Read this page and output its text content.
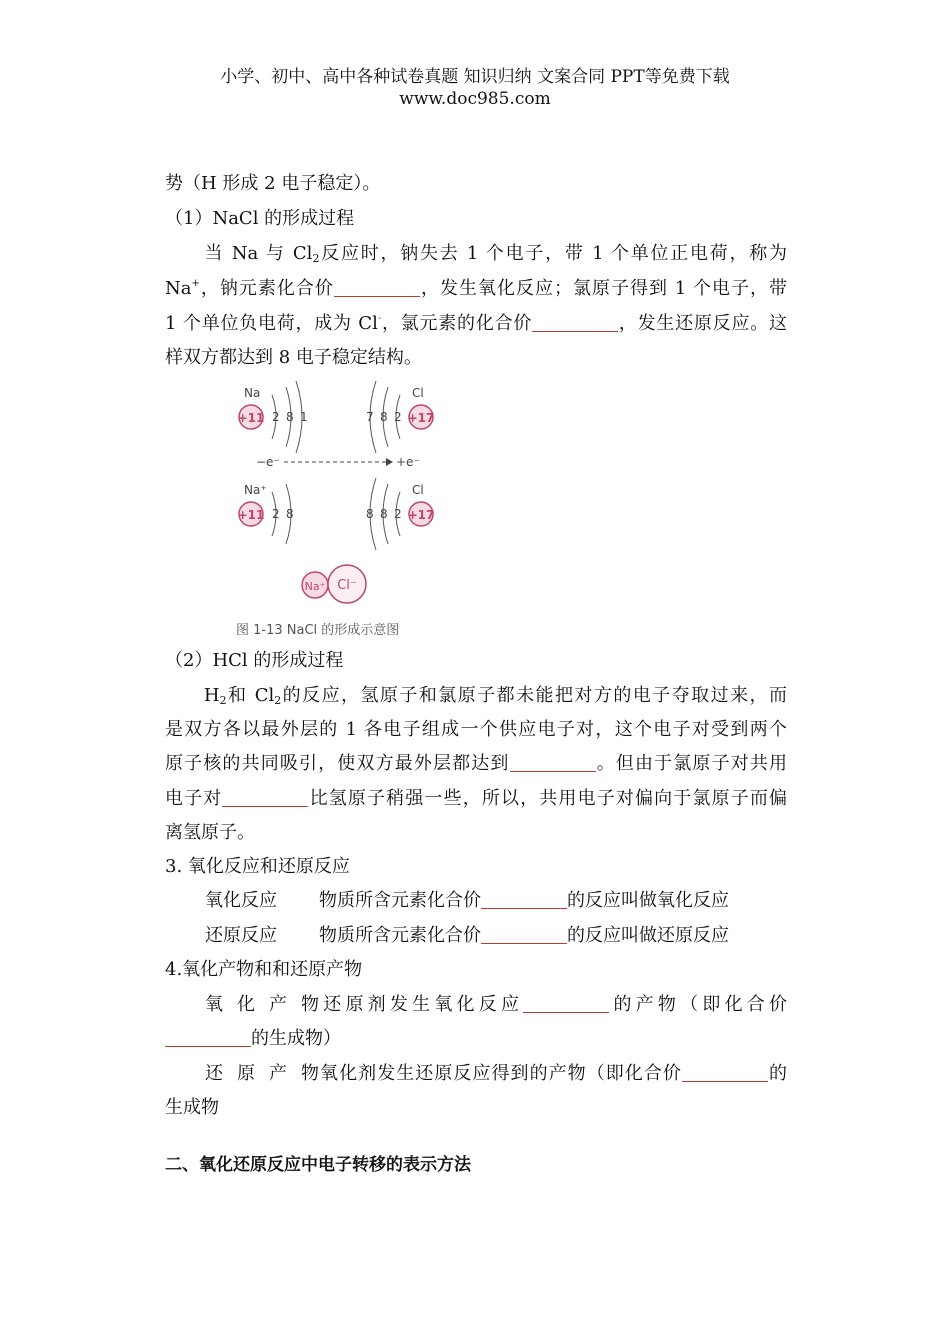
小学、初中、高中各种试卷真题 知识归纳 文案合同 PPT等免费下载
www.doc985.com
势（H 形成 2 电子稳定）。
（1）NaCl 的形成过程
　　当 Na 与 $Cl_2$反应时，钠失去 1 个电子，带 1 个单位正电荷，称为
Na+，钠元素化合价	，发生氧化反应；氯原子得到 1 个电子，带
1 个单位负电荷，成为 Cl-，氯元素的化合价	，发生还原反应。这
样双方都达到 8 电子稳定结构。
Na
+11 2 8 1
Cl
+17
7 8 2
−e⁻	+e⁻
Na⁺
+11 2 8
Cl
+17
8 8 2
Na⁺ Cl⁻
图 1-13 NaCl 的形成示意图
（2）HCl 的形成过程
　　$H_2$和 $Cl_2$的反应，氢原子和氯原子都未能把对方的电子夺取过来，而
是双方各以最外层的 1 各电子组成一个供应电子对，这个电子对受到两个
原子核的共同吸引，使双方最外层都达到	。但由于氯原子对共用
电子对	比氢原子稍强一些，所以，共用电子对偏向于氯原子而偏
离氢原子。
3. 氧化反应和还原反应
氧化反应 物质所含元素化合价	的反应叫做氧化反应
还原反应 物质所含元素化合价	的反应叫做还原反应
4.氧化产物和和还原产物
氧化产物还原剂发生氧化反应	的产物（即化合价
的生成物）
还原产物氧化剂发生还原反应得到的产物（即化合价	的
生成物
二、氧化还原反应中电子转移的表示方法
